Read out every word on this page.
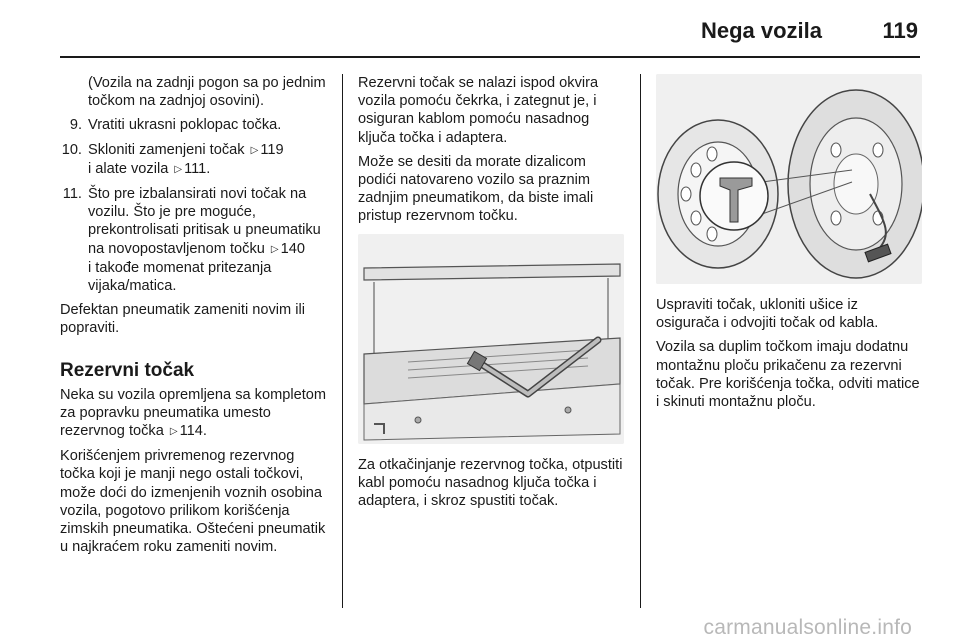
Nega vozila	119

(Vozila na zadnji pogon sa po jednim točkom na zadnjoj osovini).

9. Vratiti ukrasni poklopac točka.
10. Skloniti zamenjeni točak ▷ 119
i alate vozila ▷ 111.
11. Što pre izbalansirati novi točak na vozilu. Što je pre moguće, prekontrolisati pritisak u pneumatiku na novopostavljenom točku ▷ 140
i takođe momenat pritezanja vijaka/matica.

Defektan pneumatik zameniti novim ili popraviti.

Rezervni točak

Neka su vozila opremljena sa kompletom za popravku pneumatika umesto rezervnog točka ▷ 114.

Korišćenjem privremenog rezervnog točka koji je manji nego ostali točkovi, može doći do izmenjenih voznih osobina vozila, pogotovo prilikom korišćenja zimskih pneumatika. Oštećeni pneumatik u najkraćem roku zameniti novim.

Rezervni točak se nalazi ispod okvira vozila pomoću čekrka, i zategnut je, i osiguran kablom pomoću nasadnog ključa točka i adaptera.

Može se desiti da morate dizalicom podići natovareno vozilo sa praznim zadnjim pneumatikom, da biste imali pristup rezervnom točku.

Za otkačinjanje rezervnog točka, otpustiti kabl pomoću nasadnog ključa točka i adaptera, i skroz spustiti točak.

Uspraviti točak, ukloniti ušice iz osigurača i odvojiti točak od kabla.

Vozila sa duplim točkom imaju dodatnu montažnu ploču prikačenu za rezervni točak. Pre korišćenja točka, odviti matice i skinuti montažnu ploču.

carmanualsonline.info
